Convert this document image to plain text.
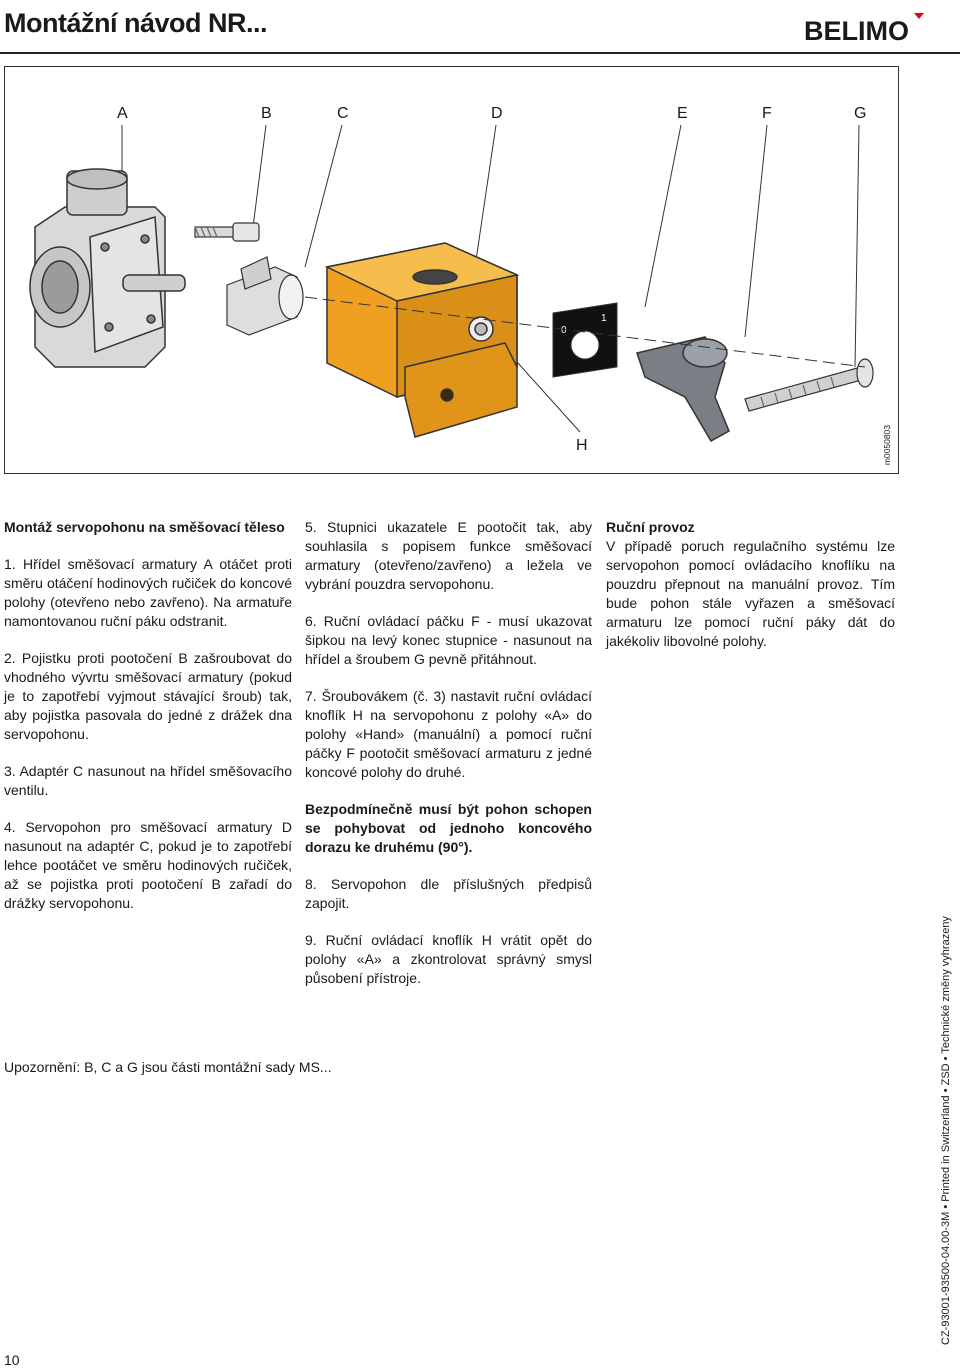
Montážní návod NR...	BELIMO
A	B	C	D	E	F	G
H	m0050803
0
1

Montáž servopohonu na směšovací těleso

1. Hřídel směšovací armatury A otáčet proti směru otáčení hodinových ručiček do koncové polohy (otevřeno nebo zavřeno). Na armatuře namontovanou ruční páku odstranit.

2. Pojistku proti pootočení B zašroubovat do vhodného vývrtu směšovací armatury (pokud je to zapotřebí vyjmout stávající šroub) tak, aby pojistka pasovala do jedné z drážek dna servopohonu.

3. Adaptér C nasunout na hřídel směšovacího ventilu.

4. Servopohon pro směšovací armatury D nasunout na adaptér C, pokud je to zapotřebí lehce pootáčet ve směru hodinových ručiček, až se pojistka proti pootočení B zařadí do drážky servopohonu.

5. Stupnici ukazatele E pootočit tak, aby souhlasila s popisem funkce směšovací armatury (otevřeno/zavřeno) a ležela ve vybrání pouzdra servopohonu.

6. Ruční ovládací páčku F - musí ukazovat šipkou na levý konec stupnice - nasunout na hřídel a šroubem G pevně přitáhnout.

7. Šroubovákem (č. 3) nastavit ruční ovládací knoflík H na servopohonu z polohy «A» do polohy «Hand» (manuální) a pomocí ruční páčky F pootočit směšovací armaturu z jedné koncové polohy do druhé.

Bezpodmínečně musí být pohon schopen se pohybovat od jednoho koncového dorazu ke druhému (90°).

8. Servopohon dle příslušných předpisů zapojit.

9. Ruční ovládací knoflík H vrátit opět do polohy «A» a zkontrolovat správný smysl působení přístroje.

Ruční provoz
V případě poruch regulačního systému lze servopohon pomocí ovládacího knoflíku na pouzdru přepnout na manuální provoz. Tím bude pohon stále vyřazen a směšovací armaturu lze pomocí ruční páky dát do jakékoliv libovolné polohy.
Upozornění: B, C a G jsou části montážní sady MS...	CZ-93001-93500-04.00-3M • Printed in Switzerland • ZSD • Technické změny vyhrazeny
10
